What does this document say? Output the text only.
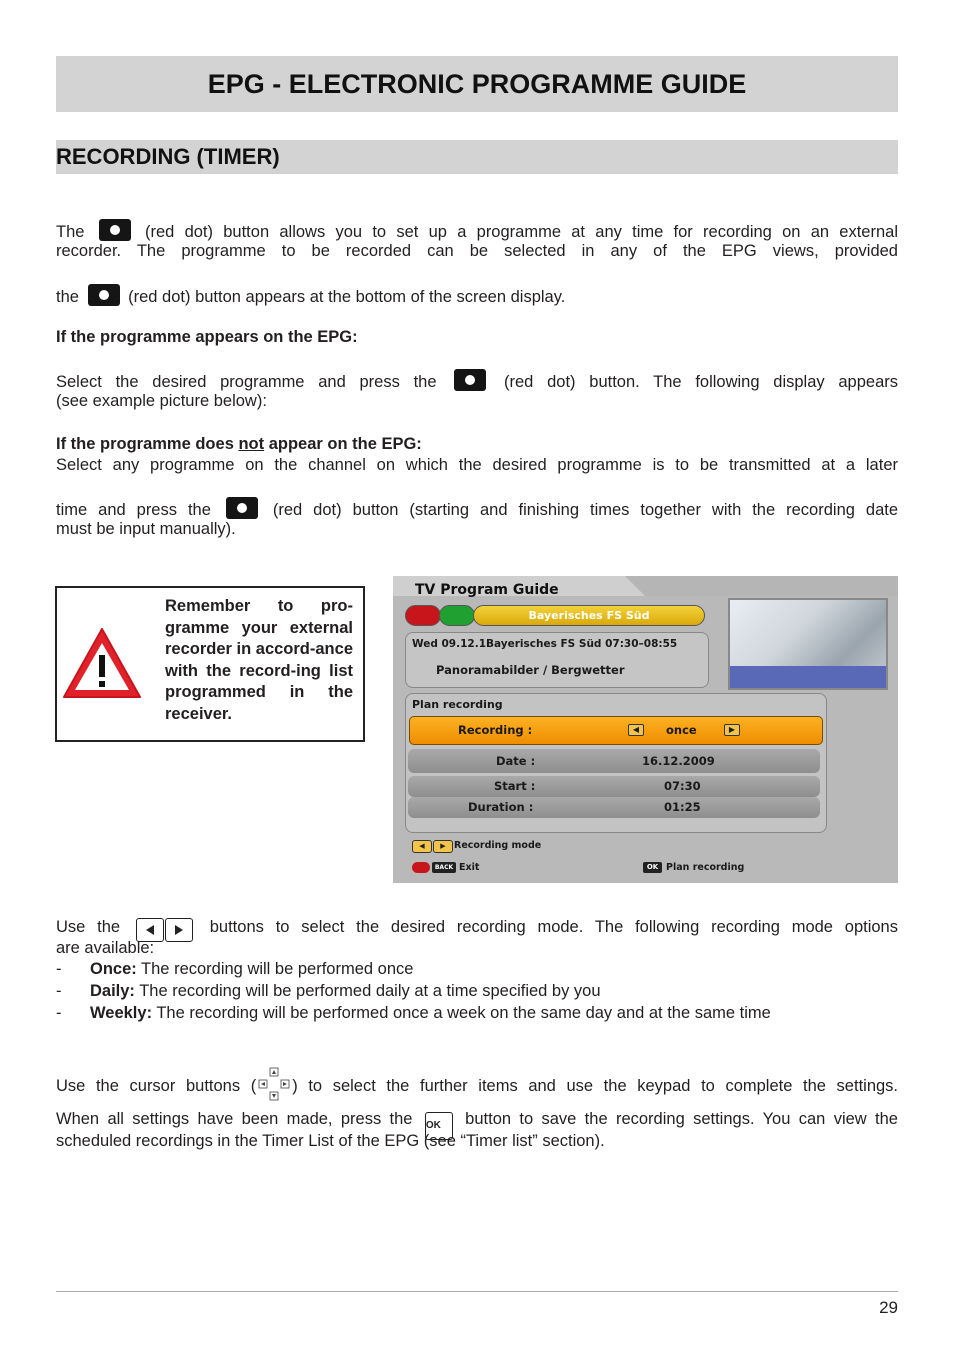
EPG - ELECTRONIC PROGRAMME GUIDE
RECORDING (TIMER)
The	(red dot) button allows you to set up a programme at any time for recording on an external
recorder. The programme to be recorded can be selected in any of the EPG views, provided
the	(red dot) button appears at the bottom of the screen display.
If the programme appears on the EPG:
Select the desired programme and press the	(red dot) button. The following display appears
(see example picture below):
If the programme does not appear on the EPG:
Select any programme on the channel on which the desired programme is to be transmitted at a later
time and press the	(red dot) button (starting and finishing times together with the recording date
must be input manually).
Remember to pro-gramme your external recorder in accord-ance with the record-ing list programmed in the receiver.
TV Program Guide
Bayerisches FS Süd
Wed 09.12.1Bayerisches FS Süd 07:30–08:55
Panoramabilder / Bergwetter
Plan recording
Recording :	◀	once	▶
Date :	16.12.2009
Start :	07:30
Duration :	01:25
◀	▶ Recording mode
BACK Exit	OK Plan recording
Use the	buttons to select the desired recording mode. The following recording mode options
are available:
- Once: The recording will be performed once
- Daily: The recording will be performed daily at a time specified by you
- Weekly: The recording will be performed once a week on the same day and at the same time
Use the cursor buttons ( ) to select the further items and use the keypad to complete the settings.
When all settings have been made, press the OK button to save the recording settings. You can view the
scheduled recordings in the Timer List of the EPG (see “Timer list” section).
29
